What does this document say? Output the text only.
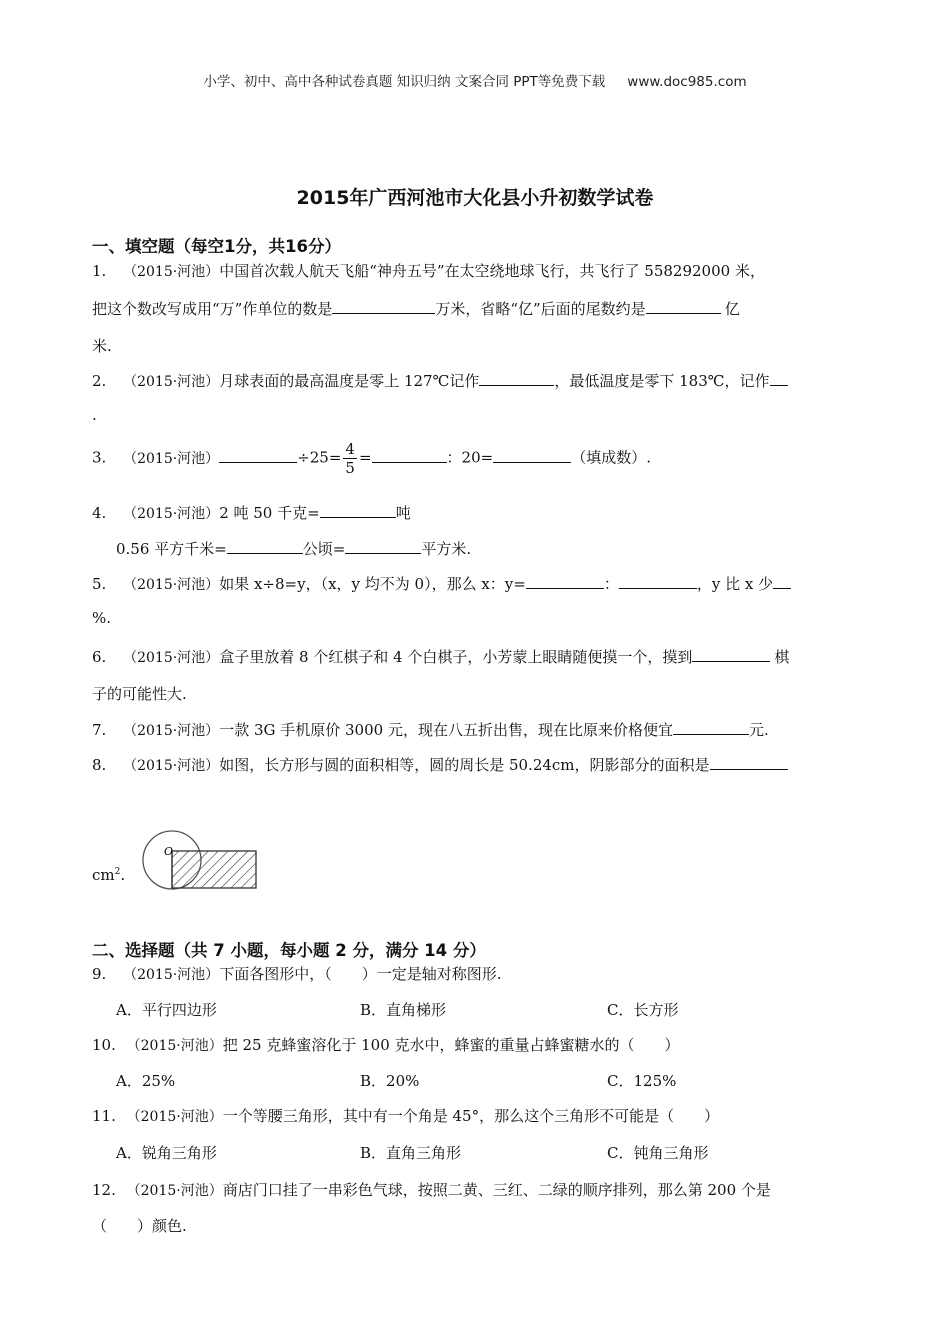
小学、初中、高中各种试卷真题 知识归纳 文案合同 PPT等免费下载 www.doc985.com
2015年广西河池市大化县小升初数学试卷
一、填空题（每空1分，共16分）
1. （2015·河池）中国首次载人航天飞船“神舟五号”在太空绕地球飞行，共飞行了 558292000 米，
把这个数改写成用“万”作单位的数是	万米，省略“亿”后面的尾数约是	亿
米.
2. （2015·河池）月球表面的最高温度是零上 127℃记作	，最低温度是零下 183℃，记作
.
3. （2015·河池）	$\div 25= \frac{4}{5}$ =	：20=	（填成数）.
4. （2015·河池）2 吨 50 千克=	吨
0.56 平方千米=	公顷=	平方米.
5. （2015·河池）如果 x÷8=y，（x，y 均不为 0），那么 x：y=	：	，y 比 x 少
%.
6. （2015·河池）盒子里放着 8 个红棋子和 4 个白棋子，小芳蒙上眼睛随便摸一个，摸到	棋
子的可能性大.
7. （2015·河池）一款 3G 手机原价 3000 元，现在八五折出售，现在比原来价格便宜	元.
8. （2015·河池）如图，长方形与圆的面积相等，圆的周长是 50.24cm，阴影部分的面积是
$cm^2$.
O
二、选择题（共 7 小题，每小题 2 分，满分 14 分）
9. （2015·河池）下面各图形中，（　　）一定是轴对称图形.
A．平行四边形	B．直角梯形	C．长方形
10. （2015·河池）把 25 克蜂蜜溶化于 100 克水中，蜂蜜的重量占蜂蜜糖水的（　　）
A．25%	B．20%	C．125%
11. （2015·河池）一个等腰三角形，其中有一个角是 45°，那么这个三角形不可能是（　　）
A．锐角三角形	B．直角三角形	C．钝角三角形
12. （2015·河池）商店门口挂了一串彩色气球，按照二黄、三红、二绿的顺序排列，那么第 200 个是
（　　）颜色.
